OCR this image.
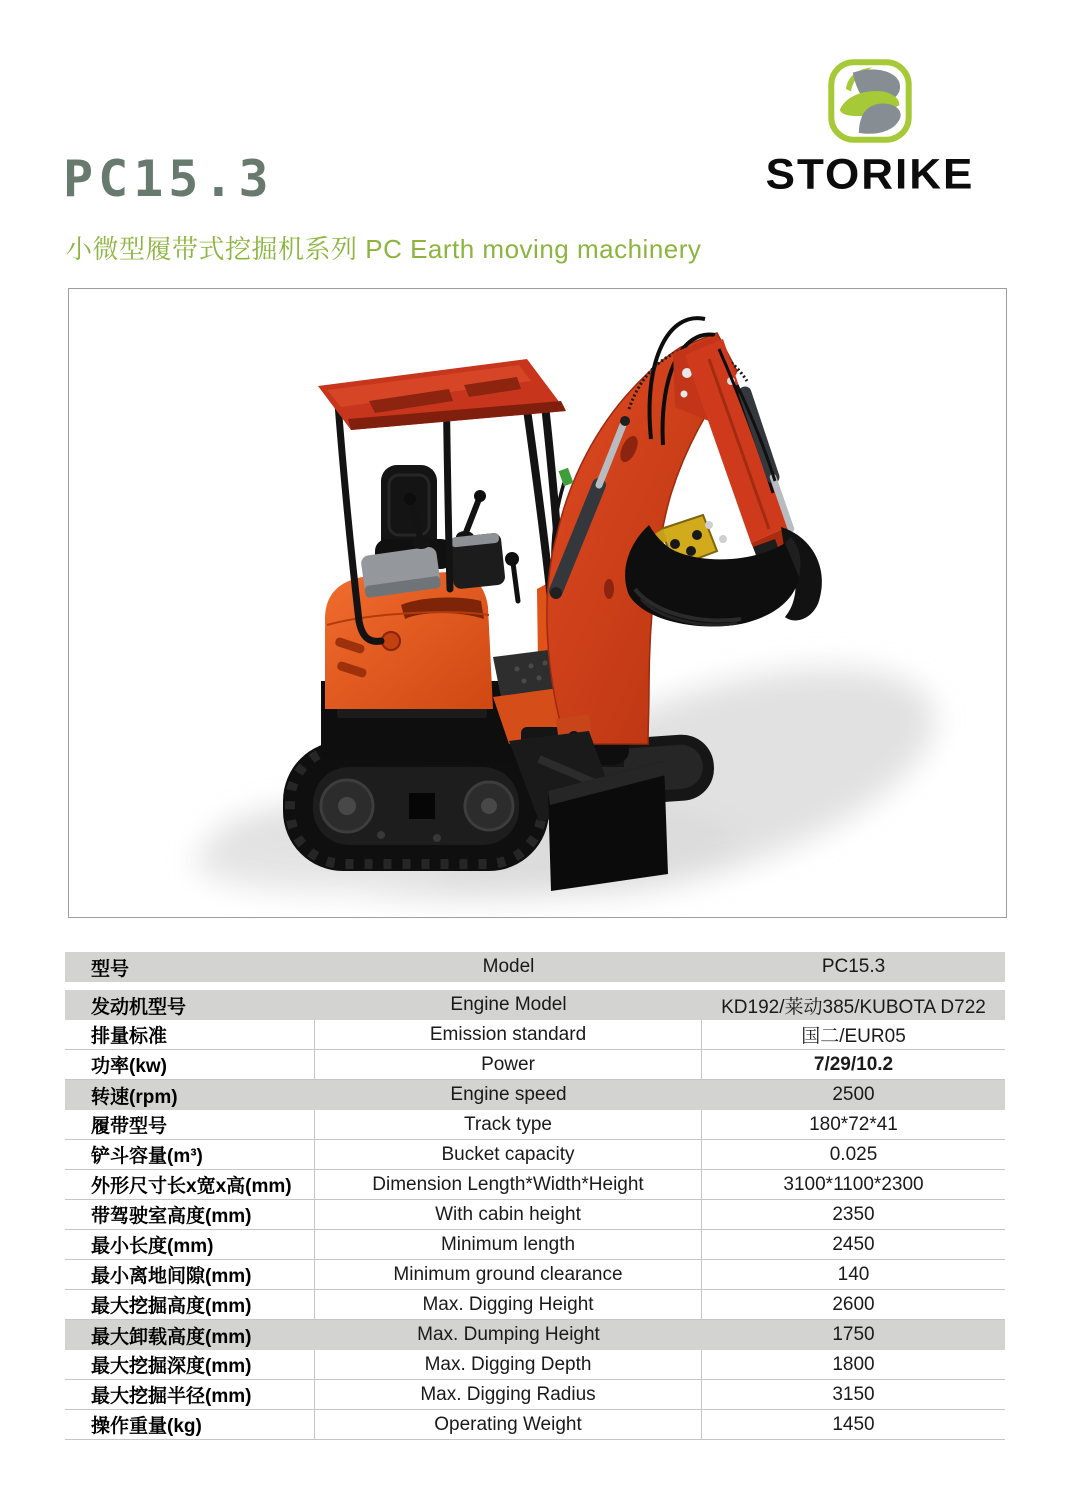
STORIKE
PC15.3
小微型履带式挖掘机系列 PC Earth moving machinery
型号	Model	PC15.3
发动机型号	Engine Model	KD192/莱动385/KUBOTA D722
排量标准	Emission standard	国二/EUR05
功率(kw)	Power	7/29/10.2
转速(rpm)	Engine speed	2500
履带型号	Track type	180*72*41
铲斗容量(m³)	Bucket capacity	0.025
外形尺寸长x宽x高(mm)	Dimension Length*Width*Height	3100*1100*2300
带驾驶室高度(mm)	With cabin height	2350
最小长度(mm)	Minimum length	2450
最小离地间隙(mm)	Minimum ground clearance	140
最大挖掘高度(mm)	Max. Digging Height	2600
最大卸载高度(mm)	Max. Dumping Height	1750
最大挖掘深度(mm)	Max. Digging Depth	1800
最大挖掘半径(mm)	Max. Digging Radius	3150
操作重量(kg)	Operating Weight	1450
